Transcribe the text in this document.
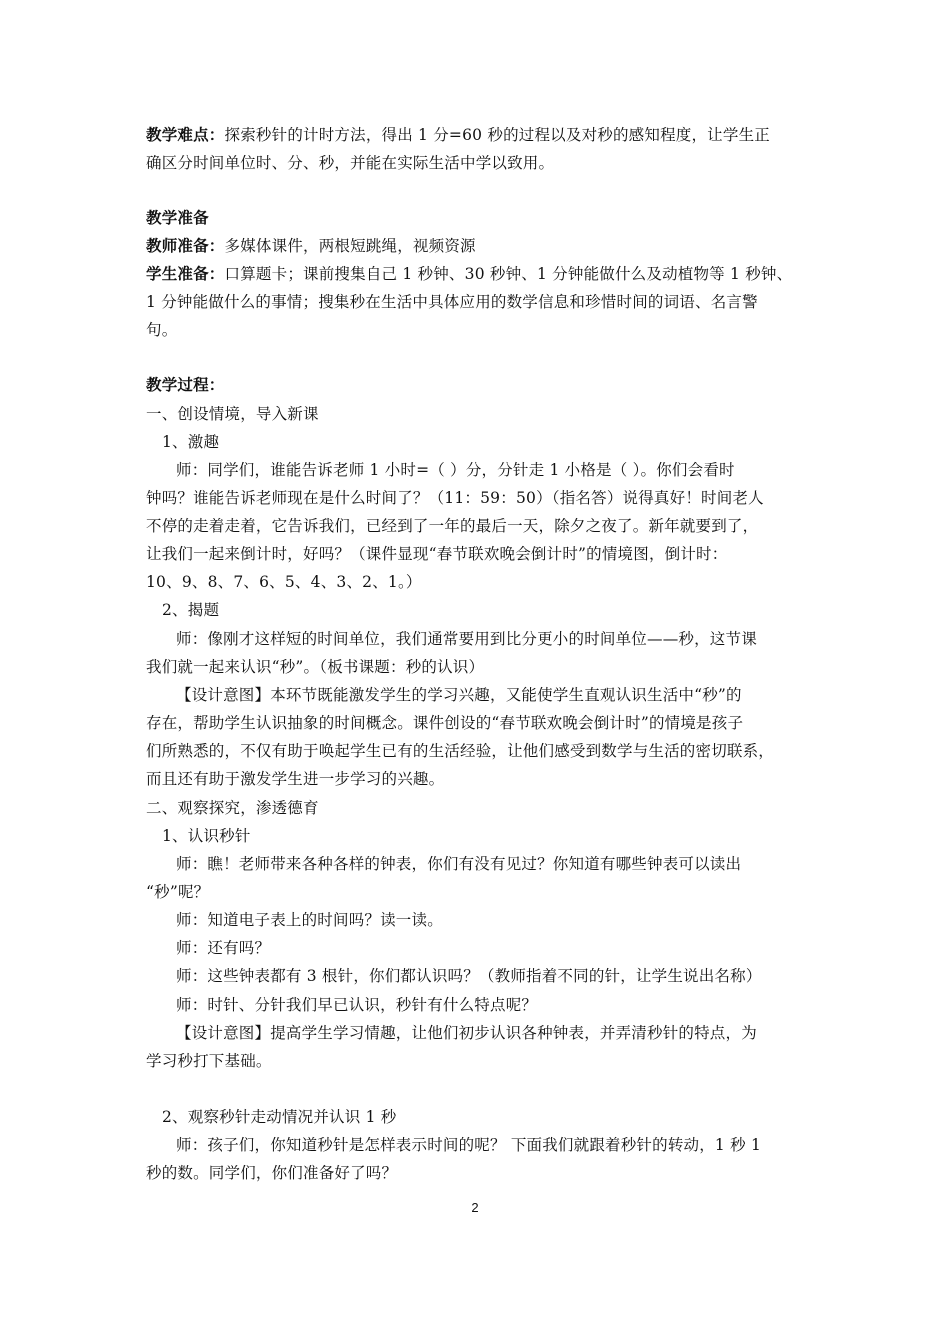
教学难点：探索秒针的计时方法，得出 1 分=60 秒的过程以及对秒的感知程度，让学生正
确区分时间单位时、分、秒，并能在实际生活中学以致用。
教学准备
教师准备：多媒体课件，两根短跳绳，视频资源
学生准备：口算题卡；课前搜集自己 1 秒钟、30 秒钟、1 分钟能做什么及动植物等 1 秒钟、
1 分钟能做什么的事情；搜集秒在生活中具体应用的数学信息和珍惜时间的词语、名言警
句。
教学过程：
一、创设情境，导入新课
1、激趣
师：同学们，谁能告诉老师 1 小时=（ ）分，分针走 1 小格是（ ）。你们会看时
钟吗？谁能告诉老师现在是什么时间了？（11：59：50）（指名答）说得真好！时间老人
不停的走着走着，它告诉我们，已经到了一年的最后一天，除夕之夜了。新年就要到了，
让我们一起来倒计时，好吗？（课件显现“春节联欢晚会倒计时”的情境图，倒计时：
10、9、8、7、6、5、4、3、2、1。）
2、揭题
师：像刚才这样短的时间单位，我们通常要用到比分更小的时间单位——秒，这节课
我们就一起来认识“秒”。（板书课题：秒的认识）
【设计意图】本环节既能激发学生的学习兴趣，又能使学生直观认识生活中“秒”的
存在，帮助学生认识抽象的时间概念。课件创设的“春节联欢晚会倒计时”的情境是孩子
们所熟悉的，不仅有助于唤起学生已有的生活经验，让他们感受到数学与生活的密切联系，
而且还有助于激发学生进一步学习的兴趣。
二、观察探究，渗透德育
1、认识秒针
师：瞧！老师带来各种各样的钟表，你们有没有见过？你知道有哪些钟表可以读出
“秒”呢？
师：知道电子表上的时间吗？读一读。
师：还有吗？
师：这些钟表都有 3 根针，你们都认识吗？（教师指着不同的针，让学生说出名称）
师：时针、分针我们早已认识，秒针有什么特点呢？
【设计意图】提高学生学习情趣，让他们初步认识各种钟表，并弄清秒针的特点，为
学习秒打下基础。
2、观察秒针走动情况并认识 1 秒
师：孩子们，你知道秒针是怎样表示时间的呢？ 下面我们就跟着秒针的转动，1 秒 1
秒的数。同学们，你们准备好了吗？
2
